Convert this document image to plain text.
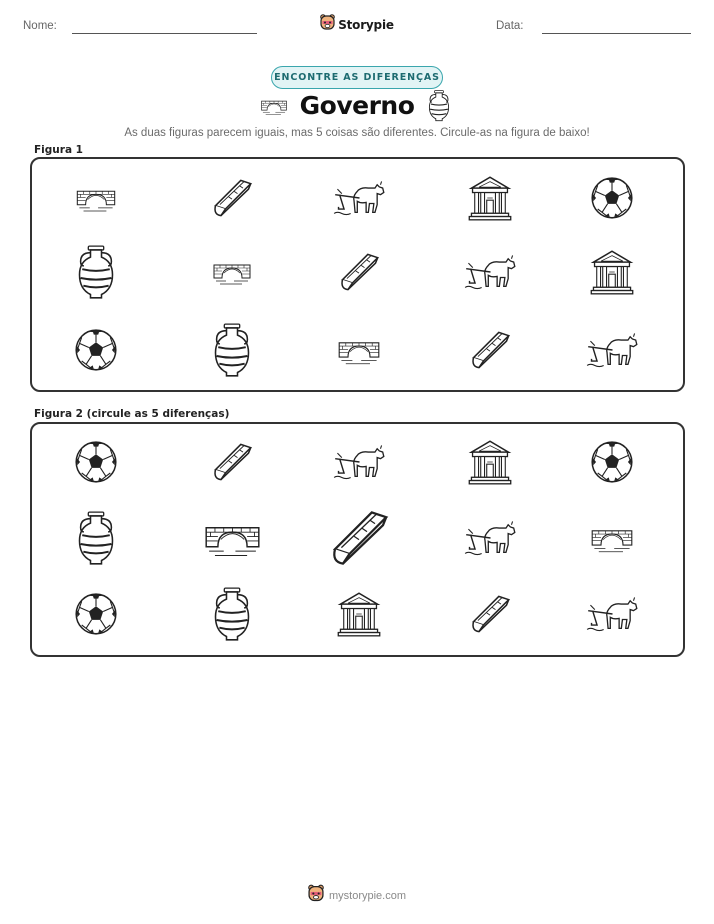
Nome:	Storypie	Data:
ENCONTRE AS DIFERENÇAS
Governo
As duas figuras parecem iguais, mas 5 coisas são diferentes. Circule-as na figura de baixo!
Figura 1
Figura 2 (circule as 5 diferenças)
mystorypie.com
